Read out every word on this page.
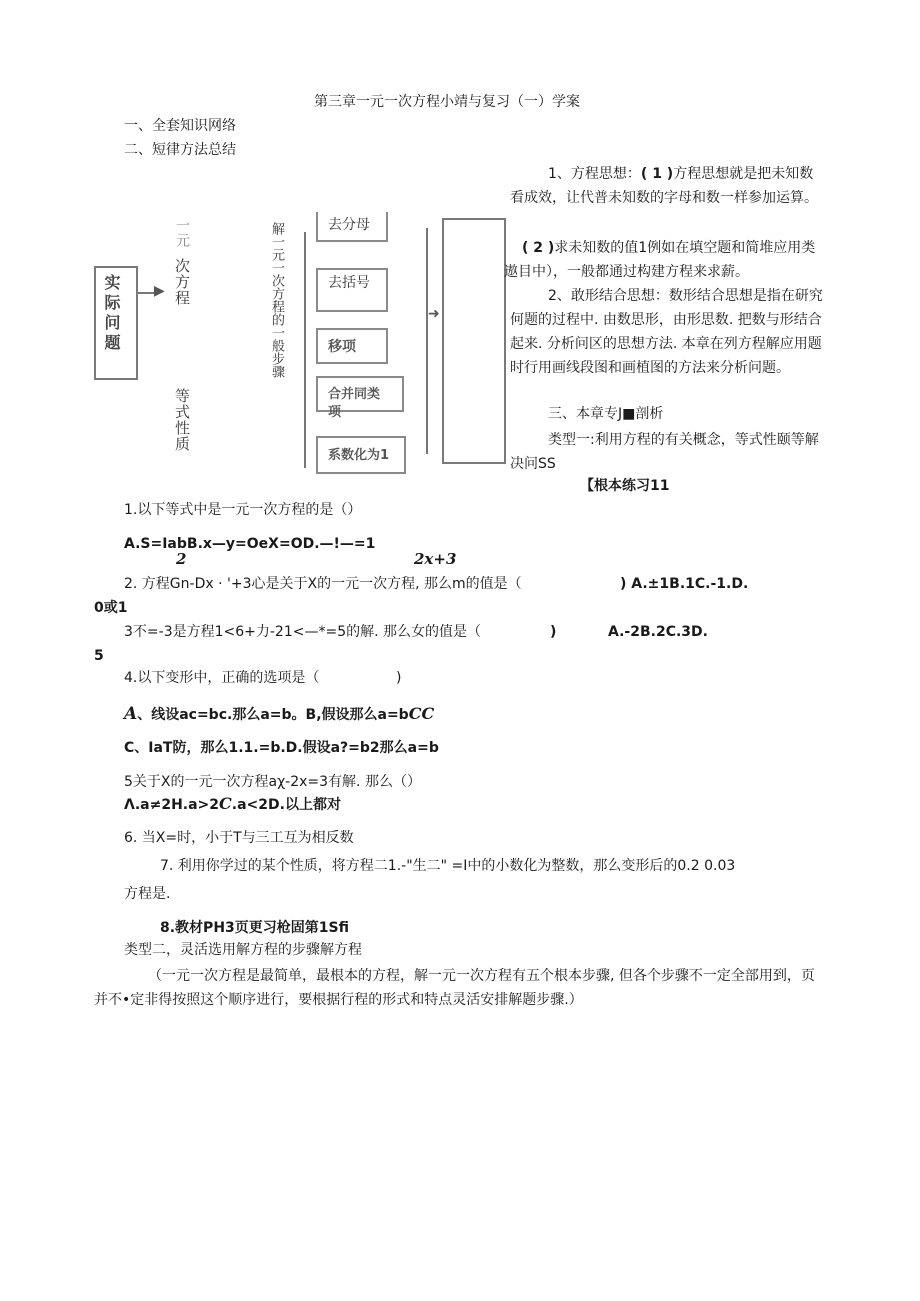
第三章一元一次方程小靖与复习（一）学案
一、全套知识网络
二、短律方法总结
实际问题 ▶
一元
次方程
等式性质
解一元一次方程的一般步骤	去分母
去括号
移项
合并同类项
系数化为1
➜
1、方程思想：( 1 )方程思想就是把未知数看成效，让代普未知数的字母和数一样参加运算。
( 2 )求未知数的值1例如在填空题和简堆应用类遨目中），一般都通过构建方程来求薪。
2、敢形结合思想：数形结合思想是指在研究何题的过程中. 由数思形，由形思数. 把数与形结合起来. 分析问区的思想方法. 本章在列方程解应用题时行用画线段图和画植图的方法来分析问题。
三、本章专J■剖析
类型一:利用方程的有关概念，等式性颐等解决问SS
【根本练习11
1.以下等式中是一元一次方程的是（）
A.S=IabB.x—y=OeX=OD.—!—=1
2	2x+3
2. 方程Gn-Dx · '+3心是关于X的一元一次方程, 那么m的值是（	) A.±1B.1C.-1.D.
0或1
3不=-3是方程1<6+力-21<—*=5的解. 那么女的值是（	)	A.-2B.2C.3D.
5
4.以下变形中，正确的选项是（	)
A、线设ac=bc.那么a=b。B,假设那么a=bCC
C、IaT防，那么1.1.=b.D.假设a?=b2那么a=b
5关于X的一元一次方程aχ-2x=3有解. 那么（）
Λ.a≠2H.a>2C.a<2D.以上都对
6. 当X=时，小于T与三工互为相反数
7. 利用你学过的某个性质，将方程二1.-"生二" =I中的小数化为整数，那么变形后的0.2 0.03
方程是.
8.教材PH3页更习枪固第1Sfi
类型二，灵活选用解方程的步骤解方程
（一元一次方程是最简单，最根本的方程，解一元一次方程有五个根本步骤, 但各个步骤不一定全部用到，页并不•定非得按照这个顺序进行，要根据行程的形式和特点灵活安排解题步骤.）
